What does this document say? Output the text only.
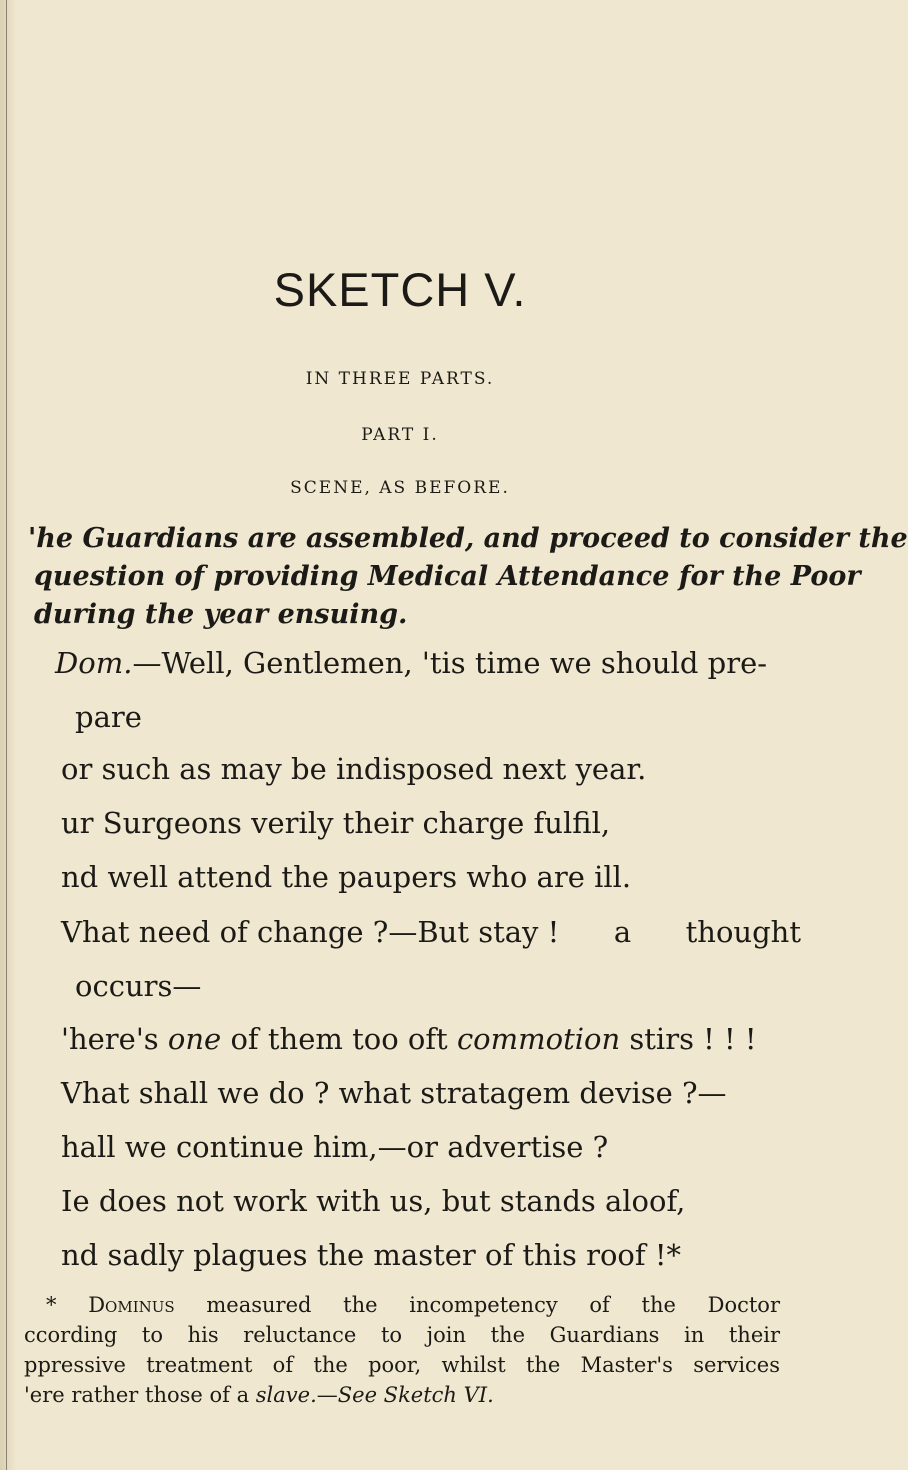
SKETCH V.
IN THREE PARTS.
PART I.
SCENE, AS BEFORE.
'he Guardians are assembled, and proceed to consider the
question of providing Medical Attendance for the Poor
during the year ensuing.
Dom.—Well, Gentlemen, 'tis time we should pre-
pare
or such as may be indisposed next year.
ur Surgeons verily their charge fulfil,
nd well attend the paupers who are ill.
Vhat need of change ?—But stay ! a thought
occurs—
'here's one of them too oft commotion stirs ! ! !
Vhat shall we do ? what stratagem devise ?—
hall we continue him,—or advertise ?
Ie does not work with us, but stands aloof,
nd sadly plagues the master of this roof !*
* Dominus measured the incompetency of the Doctor
ccording to his reluctance to join the Guardians in their
ppressive treatment of the poor, whilst the Master's services
'ere rather those of a slave.—See Sketch VI.
